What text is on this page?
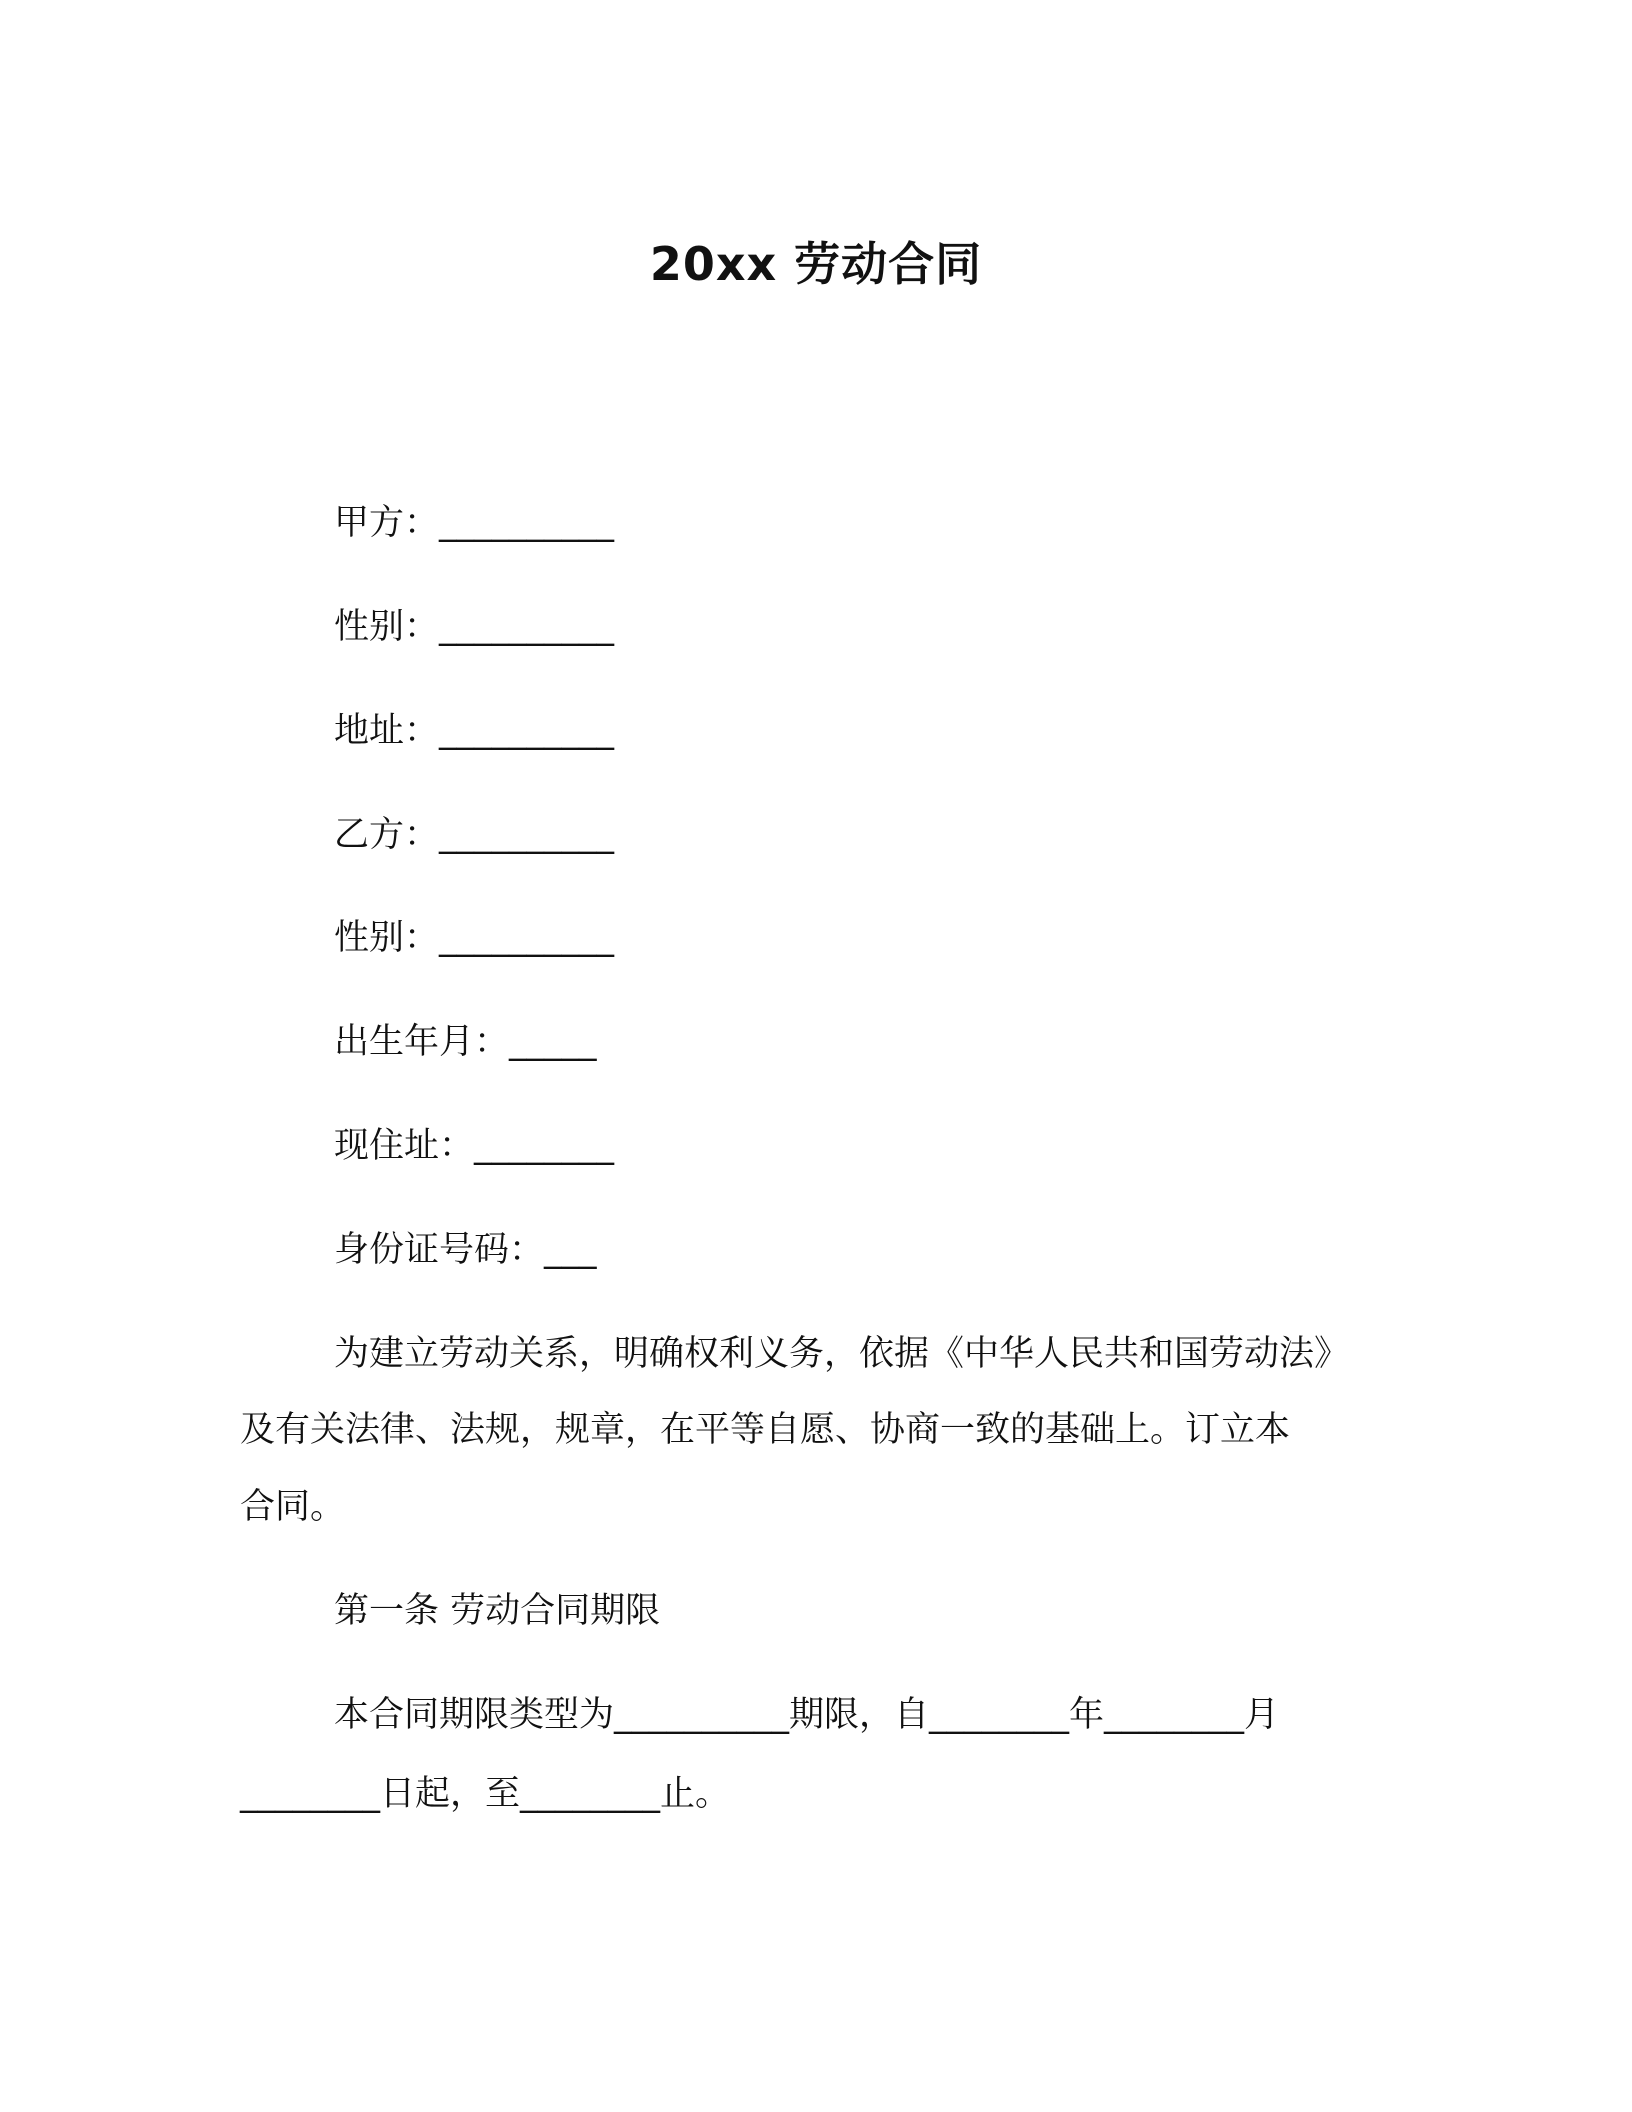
20xx 劳动合同
甲方：__________
性别：__________
地址：__________
乙方：__________
性别：__________
出生年月：_____
现住址：________
身份证号码：___
为建立劳动关系，明确权利义务，依据《中华人民共和国劳动法》
及有关法律、法规，规章，在平等自愿、协商一致的基础上。订立本
合同。
第一条 劳动合同期限
本合同期限类型为__________期限，自________年________月
________日起，至________止。
